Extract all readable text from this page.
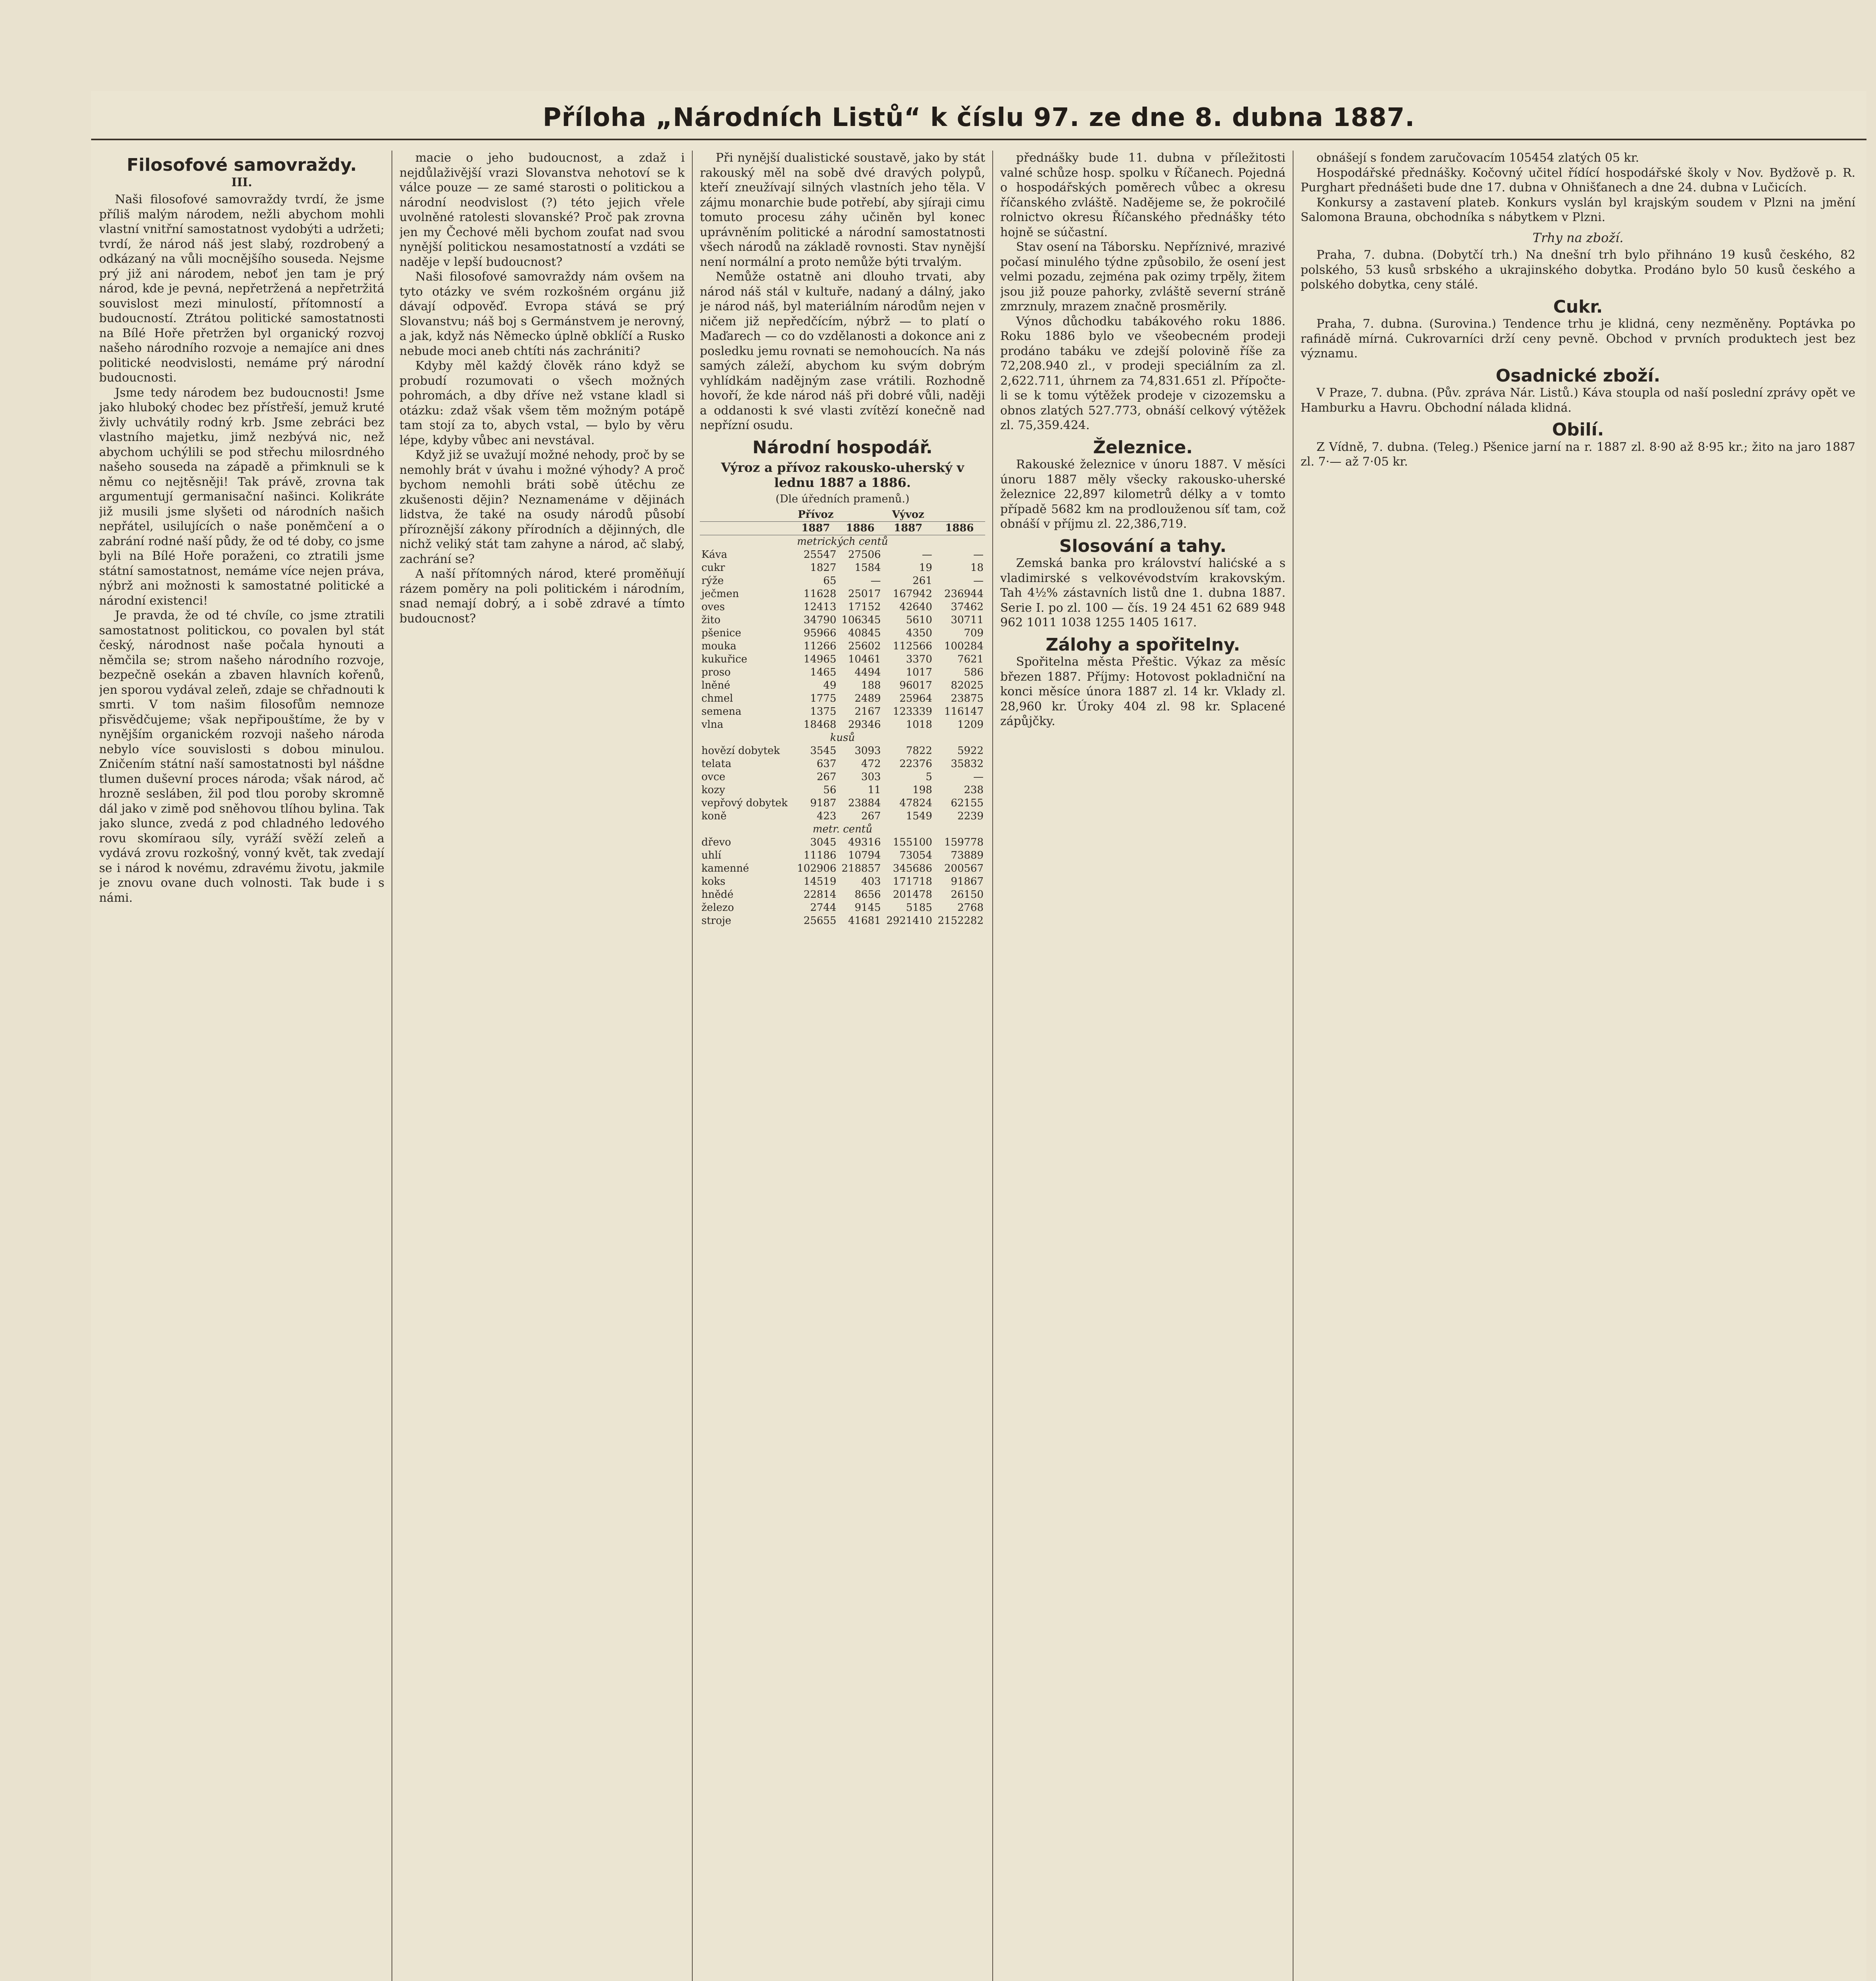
Příloha „Národních Listů“ k číslu 97. ze dne 8. dubna 1887.
Filosofové samovraždy.
III.

Naši filosofové samovraždy tvrdí, že jsme příliš malým národem, nežli abychom mohli vlastní vnitřní samostatnost vydobýti a udržeti; tvrdí, že národ náš jest slabý, rozdrobený a odkázaný na vůli mocnějšího souseda. Nejsme prý již ani národem, neboť jen tam je prý národ, kde je pevná, nepřetržená a nepřetržitá souvislost mezi minulostí, přítomností a budoucností. Ztrátou politické samostatnosti na Bílé Hoře přetržen byl organický rozvoj našeho národního rozvoje a nemajíce ani dnes politické neodvislosti, nemáme prý národní budoucnosti.

Jsme tedy národem bez budoucnosti! Jsme jako hluboký chodec bez přístřeší, jemuž kruté živly uchvátily rodný krb. Jsme zebráci bez vlastního majetku, jimž nezbývá nic, než abychom uchýlili se pod střechu milosrdného našeho souseda na západě a přimknuli se k němu co nejtěsněji! Tak právě, zrovna tak argumentují germanisační našinci. Kolikráte již musili jsme slyšeti od národních našich nepřátel, usilujících o naše poněmčení a o zabrání rodné naší půdy, že od té doby, co jsme byli na Bílé Hoře poraženi, co ztratili jsme státní samostatnost, nemáme více nejen práva, nýbrž ani možnosti k samostatné politické a národní existenci!

Je pravda, že od té chvíle, co jsme ztratili samostatnost politickou, co povalen byl stát český, národnost naše počala hynouti a němčila se; strom našeho národního rozvoje, bezpečně osekán a zbaven hlavních kořenů, jen sporou vydával zeleň, zdaje se chřadnouti k smrti. V tom našim filosofům nemnoze přisvědčujeme; však nepřipouštíme, že by v nynějším organickém rozvoji našeho národa nebylo více souvislosti s dobou minulou. Zničením státní naší samostatnosti byl nášdne tlumen duševní proces národa; však národ, ač hrozně sesláben, žil pod tlou poroby skromně dál jako v zimě pod sněhovou tlíhou bylina. Tak jako slunce, zvedá z pod chladného ledového rovu skomíraou síly, vyráží svěží zeleň a vydává zrovu rozkošný, vonný květ, tak zvedají se i národ k novému, zdravému životu, jakmile je znovu ovane duch volnosti. Tak bude i s námi.

macie o jeho budoucnost, a zdaž i nejdůlaživější vrazi Slovanstva nehotoví se k válce pouze — ze samé starosti o politickou a národní neodvislost (?) této jejich vřele uvolněné ratolesti slovanské? Proč pak zrovna jen my Čechové měli bychom zoufat nad svou nynější politickou nesamostatností a vzdáti se naděje v lepší budoucnost?

Naši filosofové samovraždy nám ovšem na tyto otázky ve svém rozkošném orgánu již dávají odpověď. Evropa stává se prý Slovanstvu; náš boj s Germánstvem je nerovný, a jak, když nás Německo úplně obklíčí a Rusko nebude moci aneb chtíti nás zachrániti?

Kdyby měl každý člověk ráno když se probudí rozumovati o všech možných pohromách, a dby dříve než vstane kladl si otázku: zdaž však všem těm možným potápě tam stojí za to, abych vstal, — bylo by věru lépe, kdyby vůbec ani nevstával.

Když již se uvažují možné nehody, proč by se nemohly brát v úvahu i možné výhody? A proč bychom nemohli bráti sobě útěchu ze zkušenosti dějin? Neznamenáme v dějinách lidstva, že také na osudy národů působí příroznější zákony přírodních a dějinných, dle nichž veliký stát tam zahyne a národ, ač slabý, zachrání se?

A naší přítomných národ, které proměňují rázem poměry na poli politickém i národním, snad nemají dobrý, a i sobě zdravé a tímto budoucnost?

Při nynější dualistické soustavě, jako by stát rakouský měl na sobě dvé dravých polypů, kteří zneužívají silných vlastních jeho těla. V zájmu monarchie bude potřebí, aby sjíraji cimu tomuto procesu záhy učiněn byl konec uprávněním politické a národní samostatnosti všech národů na základě rovnosti. Stav nynější není normální a proto nemůže býti trvalým.

Nemůže ostatně ani dlouho trvati, aby národ náš stál v kultuře, nadaný a dálný, jako je národ náš, byl materiálním národům nejen v ničem již nepředčícím, nýbrž — to platí o Maďarech — co do vzdělanosti a dokonce ani z posledku jemu rovnati se nemohoucích. Na nás samých záleží, abychom ku svým dobrým vyhlídkám nadějným zase vrátili. Rozhodně hovoří, že kde národ náš při dobré vůli, naději a oddanosti k své vlasti zvítězí konečně nad nepřízní osudu.

Národní hospodář.
Výroz a přívoz rakousko-uherský v lednu 1887 a 1886.
(Dle úředních pramenů.)
	Přívoz		Vývoz	
	1887	1886	1887	1886
metrických centů				
Káva	25547	27506	—	—
cukr	1827	1584	19	18
rýže	65	—	261	—
ječmen	11628	25017	167942	236944
oves	12413	17152	42640	37462
žito	34790	106345	5610	30711
pšenice	95966	40845	4350	709
mouka	11266	25602	112566	100284
kukuřice	14965	10461	3370	7621
proso	1465	4494	1017	586
lněné	49	188	96017	82025
chmel	1775	2489	25964	23875
semena	1375	2167	123339	116147
vlna	18468	29346	1018	1209
kusů				
hovězí dobytek	3545	3093	7822	5922
telata	637	472	22376	35832
ovce	267	303	5	—
kozy	56	11	198	238
vepřový dobytek	9187	23884	47824	62155
koně	423	267	1549	2239
metr. centů				
dřevo	3045	49316	155100	159778
uhlí	11186	10794	73054	73889
kamenné	102906	218857	345686	200567
koks	14519	403	171718	91867
hnědé	22814	8656	201478	26150
železo	2744	9145	5185	2768
stroje	25655	41681	2921410	2152282

přednášky bude 11. dubna v příležitosti valné schůze hosp. spolku v Říčanech. Pojedná o hospodářských poměrech vůbec a okresu říčanského zvláště. Nadějeme se, že pokročilé rolnictvo okresu Říčanského přednášky této hojně se súčastní.

Stav osení na Táborsku. Nepříznivé, mrazivé počasí minulého týdne způsobilo, že osení jest velmi pozadu, zejména pak ozimy trpěly, žitem jsou již pouze pahorky, zvláště severní stráně zmrznuly, mrazem značně prosměrily.

Výnos důchodku tabákového roku 1886. Roku 1886 bylo ve všeobecném prodeji prodáno tabáku ve zdejší polovině říše za 72,208.940 zl., v prodeji speciálním za zl. 2,622.711, úhrnem za 74,831.651 zl. Přípočte-li se k tomu výtěžek prodeje v cizozemsku a obnos zlatých 527.773, obnáší celkový výtěžek zl. 75,359.424.

Železnice.

Rakouské železnice v únoru 1887. V měsíci únoru 1887 měly všecky rakousko-uherské železnice 22,897 kilometrů délky a v tomto případě 5682 km na prodlouženou síť tam, což obnáší v příjmu zl. 22,386,719.

Slosování a tahy.

Zemská banka pro království halićské a s vladimirské s velkovévodstvím krakovským. Tah 4½% zástavních listů dne 1. dubna 1887. Serie I. po zl. 100 — čís. 19 24 451 62 689 948 962 1011 1038 1255 1405 1617.

Zálohy a spořitelny.

Spořitelna města Přeštic. Výkaz za měsíc březen 1887. Příjmy: Hotovost pokladniční na konci měsíce února 1887 zl. 14 kr. Vklady zl. 28,960 kr. Úroky 404 zl. 98 kr. Splacené zápůjčky.

obnášejí s fondem zaručovacím 105454 zlatých 05 kr.

Hospodářské přednášky. Kočovný učitel řídící hospodářské školy v Nov. Bydžově p. R. Purghart přednášeti bude dne 17. dubna v Ohnišťanech a dne 24. dubna v Lučicích.

Konkursy a zastavení plateb. Konkurs vyslán byl krajským soudem v Plzni na jmění Salomona Brauna, obchodníka s nábytkem v Plzni.

Trhy na zboží.

Praha, 7. dubna. (Dobytčí trh.) Na dnešní trh bylo přihnáno 19 kusů českého, 82 polského, 53 kusů srbského a ukrajinského dobytka. Prodáno bylo 50 kusů českého a polského dobytka, ceny stálé.

Cukr.

Praha, 7. dubna. (Surovina.) Tendence trhu je klidná, ceny nezměněny. Poptávka po rafinádě mírná. Cukrovarníci drží ceny pevně. Obchod v prvních produktech jest bez významu.

Osadnické zboží.

V Praze, 7. dubna. (Pův. zpráva Nár. Listů.) Káva stoupla od naší poslední zprávy opět ve Hamburku a Havru. Obchodní nálada klidná.

Obilí.

Z Vídně, 7. dubna. (Teleg.) Pšenice jarní na r. 1887 zl. 8·90 až 8·95 kr.; žito na jaro 1887 zl. 7·— až 7·05 kr.
